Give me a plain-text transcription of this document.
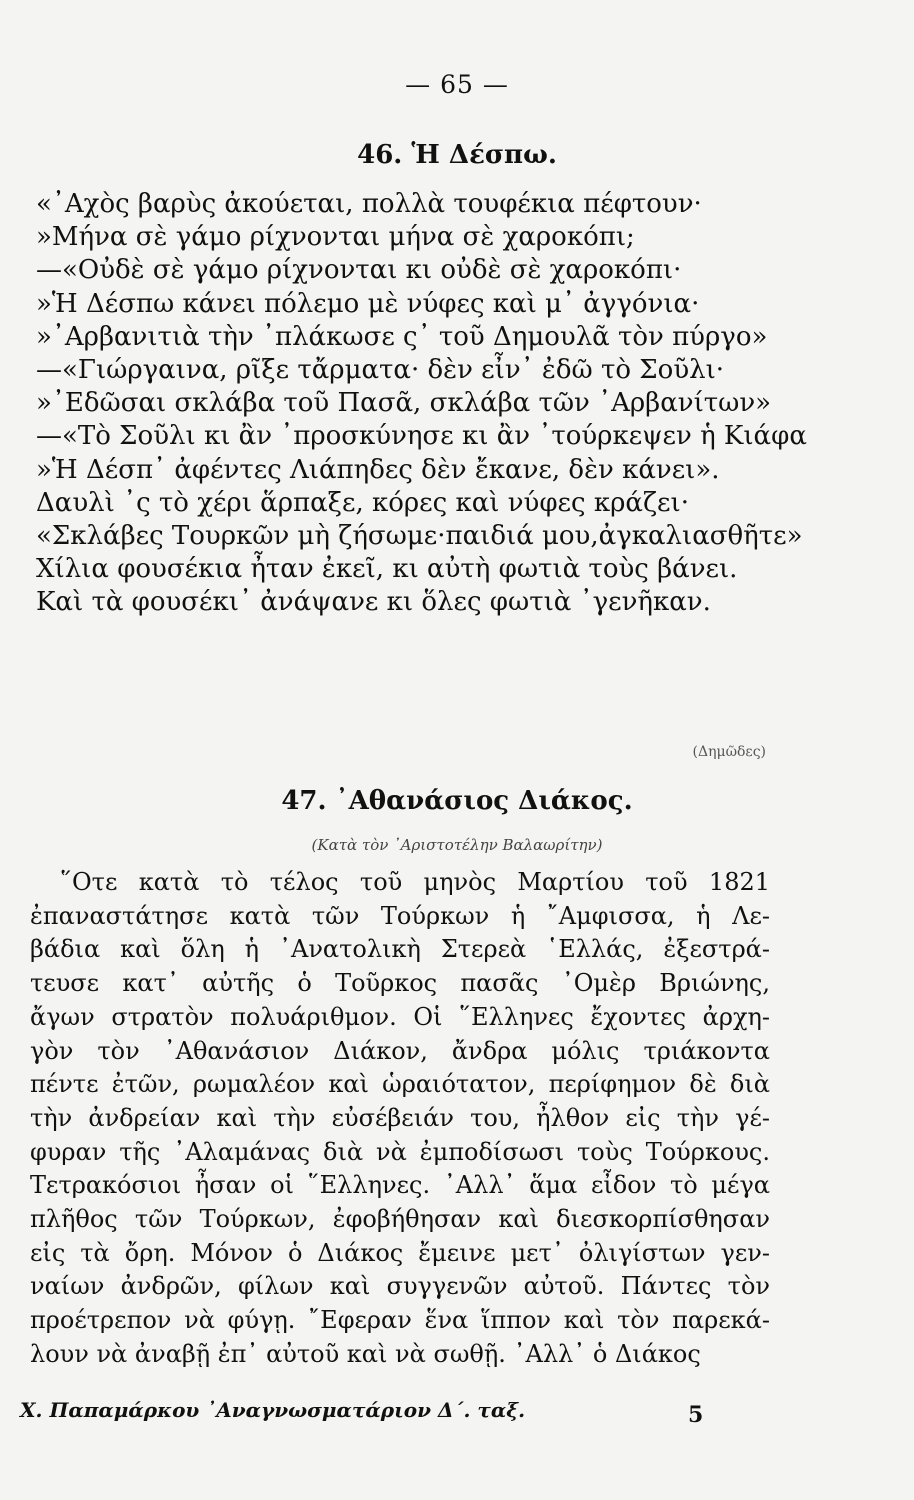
— 65 —
46. Ἡ Δέσπω.
«᾿Αχὸς βαρὺς ἀκούεται, πολλὰ τουφέκια πέφτουν·
»Μήνα σὲ γάμο ρίχνονται μήνα σὲ χαροκόπι;
—«Οὐδὲ σὲ γάμο ρίχνονται κι οὐδὲ σὲ χαροκόπι·
»Ἡ Δέσπω κάνει πόλεμο μὲ νύφες καὶ μ᾿ ἀγγόνια·
»᾿Αρβανιτιὰ τὴν ᾿πλάκωσε ς᾿ τοῦ Δημουλᾶ τὸν πύργο»
—«Γιώργαινα, ρῖξε τἄρματα· δὲν εἶν᾿ ἐδῶ τὸ Σοῦλι·
»᾿Εδῶσαι σκλάβα τοῦ Πασᾶ, σκλάβα τῶν ᾿Αρβανίτων»
—«Τὸ Σοῦλι κι ἂν ᾿προσκύνησε κι ἂν ᾿τούρκεψεν ἡ Κιάφα
»Ἡ Δέσπ᾿ ἀφέντες Λιάπηδες δὲν ἔκανε, δὲν κάνει».
Δαυλὶ ᾿ς τὸ χέρι ἅρπαξε, κόρες καὶ νύφες κράζει·
«Σκλάβες Τουρκῶν μὴ ζήσωμε·παιδιά μου,ἀγκαλιασθῆτε»
Χίλια φουσέκια ἦταν ἐκεῖ, κι αὐτὴ φωτιὰ τοὺς βάνει.
Καὶ τὰ φουσέκι᾿ ἀνάψανε κι ὅλες φωτιὰ ᾿γενῆκαν.
(Δημῶδες)
47. ᾿Αθανάσιος Διάκος.
(Κατὰ τὸν ᾿Αριστοτέλην Βαλαωρίτην)
῞Οτε κατὰ τὸ τέλος τοῦ μηνὸς Μαρτίου τοῦ 1821
ἐπαναστάτησε κατὰ τῶν Τούρκων ἡ ῎Αμφισσα, ἡ Λε-
βάδια καὶ ὅλη ἡ ᾿Ανατολικὴ Στερεὰ ῾Ελλάς, ἐξεστρά-
τευσε κατ᾿ αὐτῆς ὁ Τοῦρκος πασᾶς ᾿Ομὲρ Βριώνης,
ἄγων στρατὸν πολυάριθμον. Οἱ ῞Ελληνες ἔχοντες ἀρχη-
γὸν τὸν ᾿Αθανάσιον Διάκον, ἄνδρα μόλις τριάκοντα
πέντε ἐτῶν, ρωμαλέον καὶ ὡραιότατον, περίφημον δὲ διὰ
τὴν ἀνδρείαν καὶ τὴν εὐσέβειάν του, ἦλθον εἰς τὴν γέ-
φυραν τῆς ᾿Αλαμάνας διὰ νὰ ἐμποδίσωσι τοὺς Τούρκους.
Τετρακόσιοι ἦσαν οἱ ῞Ελληνες. ᾿Αλλ᾿ ἅμα εἶδον τὸ μέγα
πλῆθος τῶν Τούρκων, ἐφοβήθησαν καὶ διεσκορπίσθησαν
εἰς τὰ ὄρη. Μόνον ὁ Διάκος ἔμεινε μετ᾿ ὀλιγίστων γεν-
ναίων ἀνδρῶν, φίλων καὶ συγγενῶν αὐτοῦ. Πάντες τὸν
προέτρεπον νὰ φύγῃ. ῎Εφεραν ἕνα ἵππον καὶ τὸν παρεκά-
λουν νὰ ἀναβῇ ἐπ᾿ αὐτοῦ καὶ νὰ σωθῇ. ᾿Αλλ᾿ ὁ Διάκος
Χ. Παπαμάρκου ᾿Αναγνωσματάριον Δ΄. ταξ.	5
